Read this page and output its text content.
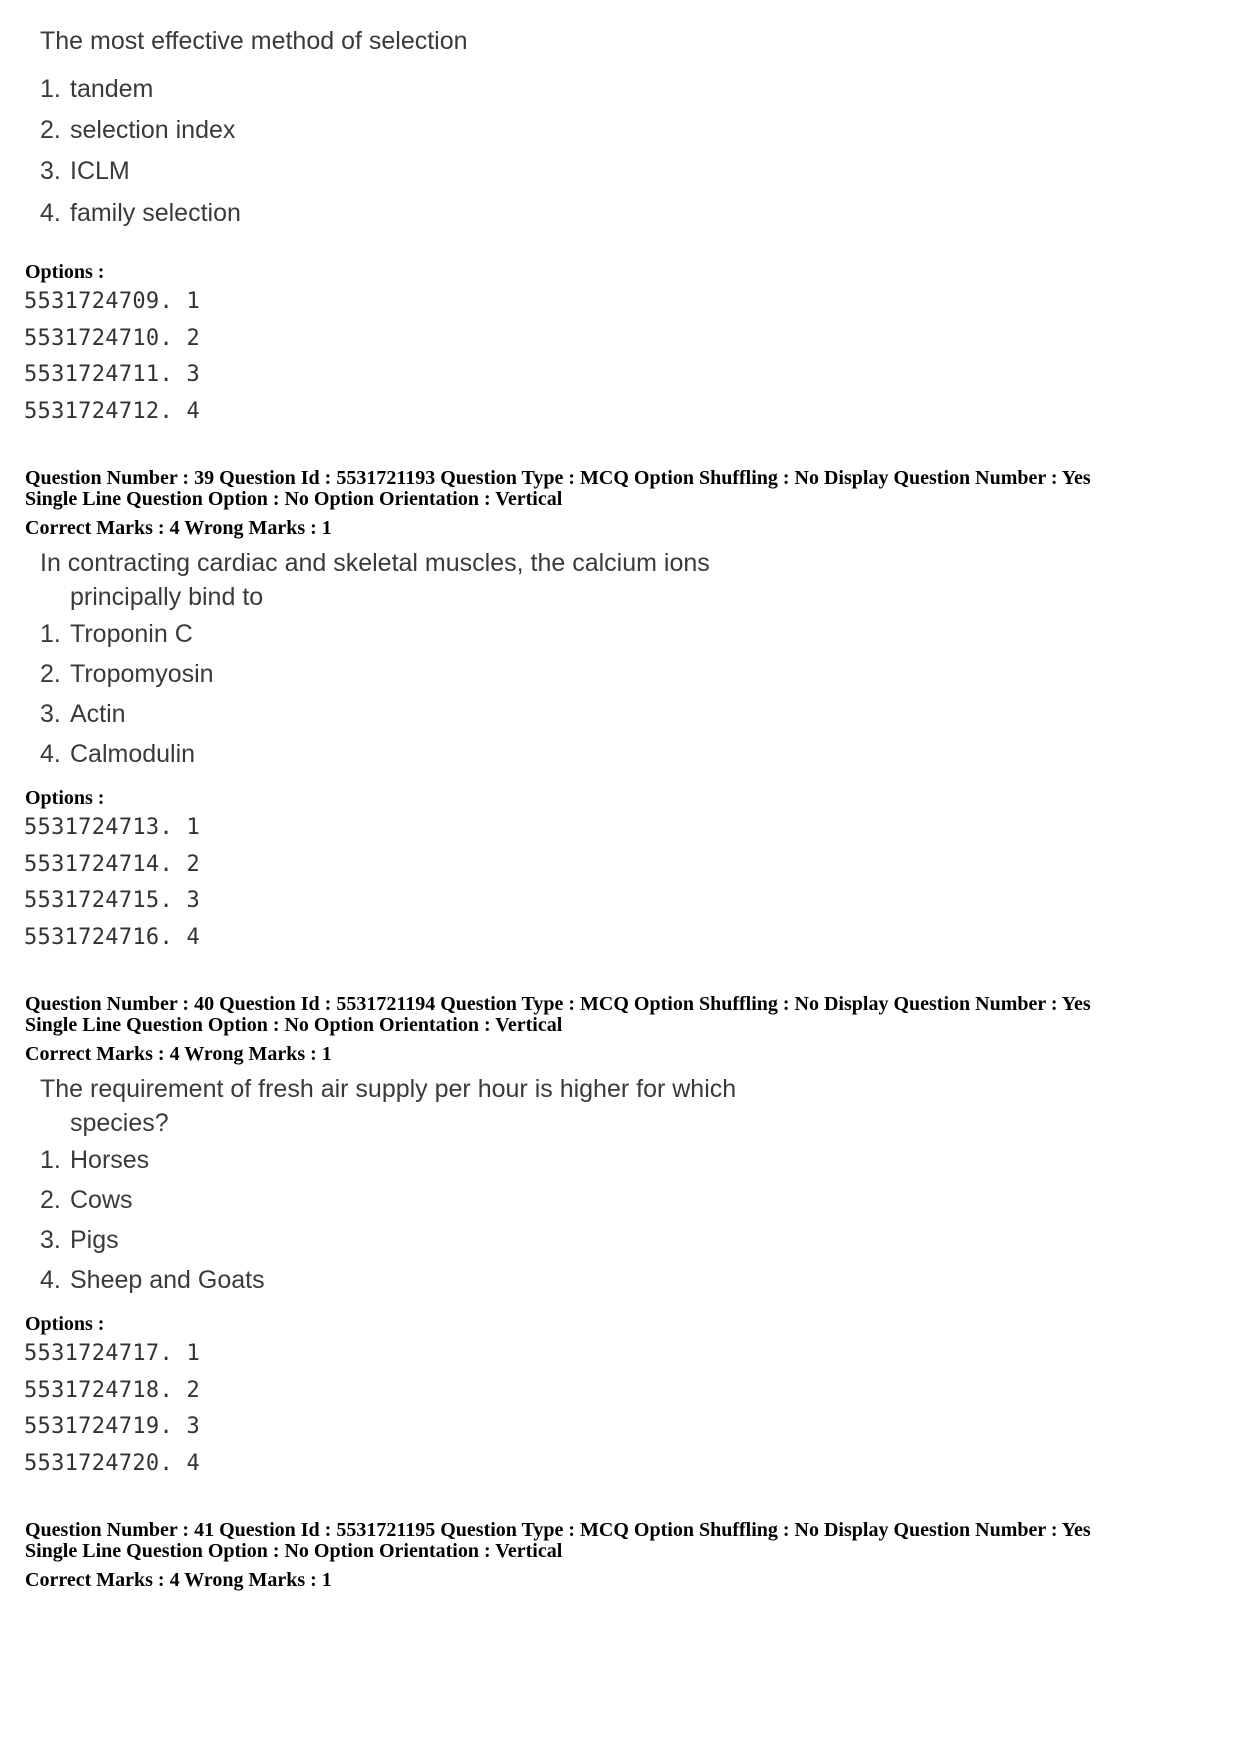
The most effective method of selection
1. tandem
2. selection index
3. ICLM
4. family selection
Options :
5531724709. 1
5531724710. 2
5531724711. 3
5531724712. 4
Question Number : 39 Question Id : 5531721193 Question Type : MCQ Option Shuffling : No Display Question Number : Yes
Single Line Question Option : No Option Orientation : Vertical
Correct Marks : 4 Wrong Marks : 1
In contracting cardiac and skeletal muscles, the calcium ions
principally bind to
1. Troponin C
2. Tropomyosin
3. Actin
4. Calmodulin
Options :
5531724713. 1
5531724714. 2
5531724715. 3
5531724716. 4
Question Number : 40 Question Id : 5531721194 Question Type : MCQ Option Shuffling : No Display Question Number : Yes
Single Line Question Option : No Option Orientation : Vertical
Correct Marks : 4 Wrong Marks : 1
The requirement of fresh air supply per hour is higher for which
species?
1. Horses
2. Cows
3. Pigs
4. Sheep and Goats
Options :
5531724717. 1
5531724718. 2
5531724719. 3
5531724720. 4
Question Number : 41 Question Id : 5531721195 Question Type : MCQ Option Shuffling : No Display Question Number : Yes
Single Line Question Option : No Option Orientation : Vertical
Correct Marks : 4 Wrong Marks : 1
